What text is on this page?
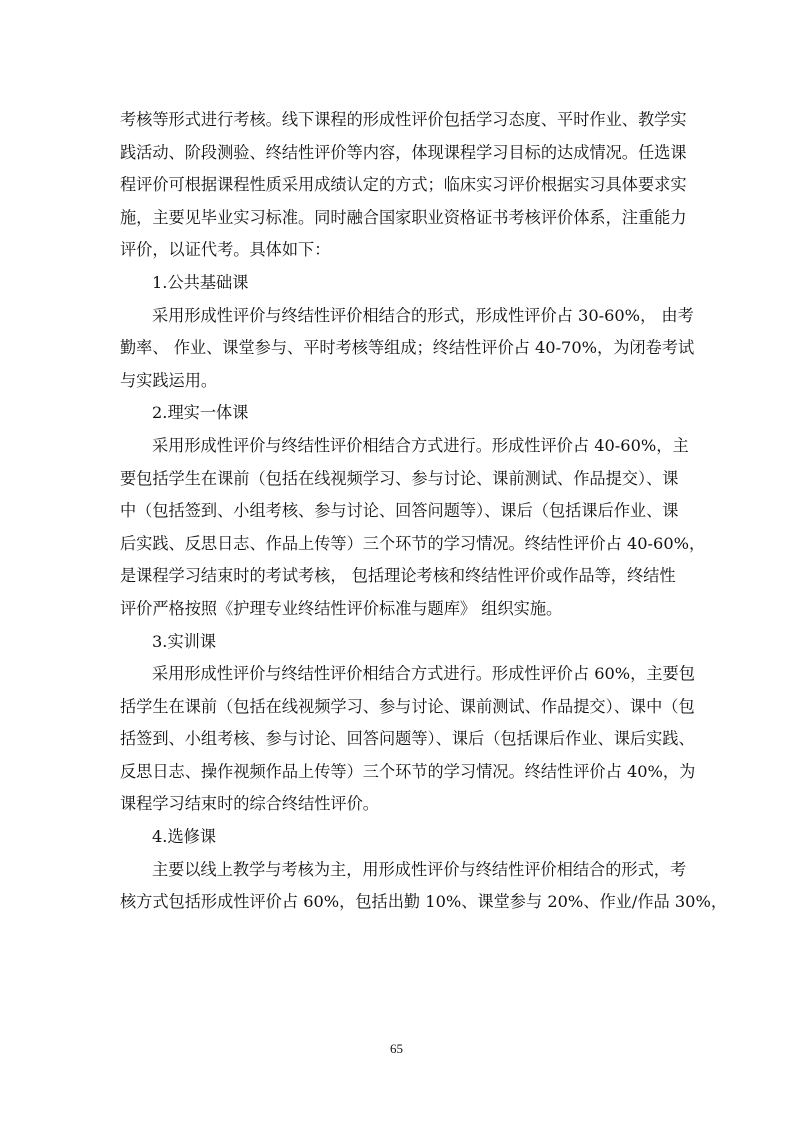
考核等形式进行考核。线下课程的形成性评价包括学习态度、平时作业、教学实
践活动、阶段测验、终结性评价等内容，体现课程学习目标的达成情况。任选课
程评价可根据课程性质采用成绩认定的方式；临床实习评价根据实习具体要求实
施，主要见毕业实习标准。同时融合国家职业资格证书考核评价体系，注重能力
评价，以证代考。具体如下：
1.公共基础课
采用形成性评价与终结性评价相结合的形式，形成性评价占 30-60%， 由考
勤率、 作业、课堂参与、平时考核等组成；终结性评价占 40-70%，为闭卷考试
与实践运用。
2.理实一体课
采用形成性评价与终结性评价相结合方式进行。形成性评价占 40-60%，主
要包括学生在课前（包括在线视频学习、参与讨论、课前测试、作品提交）、课
中（包括签到、小组考核、参与讨论、回答问题等）、课后（包括课后作业、课
后实践、反思日志、作品上传等）三个环节的学习情况。终结性评价占 40-60%，
是课程学习结束时的考试考核， 包括理论考核和终结性评价或作品等，终结性
评价严格按照《护理专业终结性评价标准与题库》 组织实施。
3.实训课
采用形成性评价与终结性评价相结合方式进行。形成性评价占 60%，主要包
括学生在课前（包括在线视频学习、参与讨论、课前测试、作品提交）、课中（包
括签到、小组考核、参与讨论、回答问题等）、课后（包括课后作业、课后实践、
反思日志、操作视频作品上传等）三个环节的学习情况。终结性评价占 40%，为
课程学习结束时的综合终结性评价。
4.选修课
主要以线上教学与考核为主，用形成性评价与终结性评价相结合的形式，考
核方式包括形成性评价占 60%，包括出勤 10%、课堂参与 20%、作业/作品 30%，
65
